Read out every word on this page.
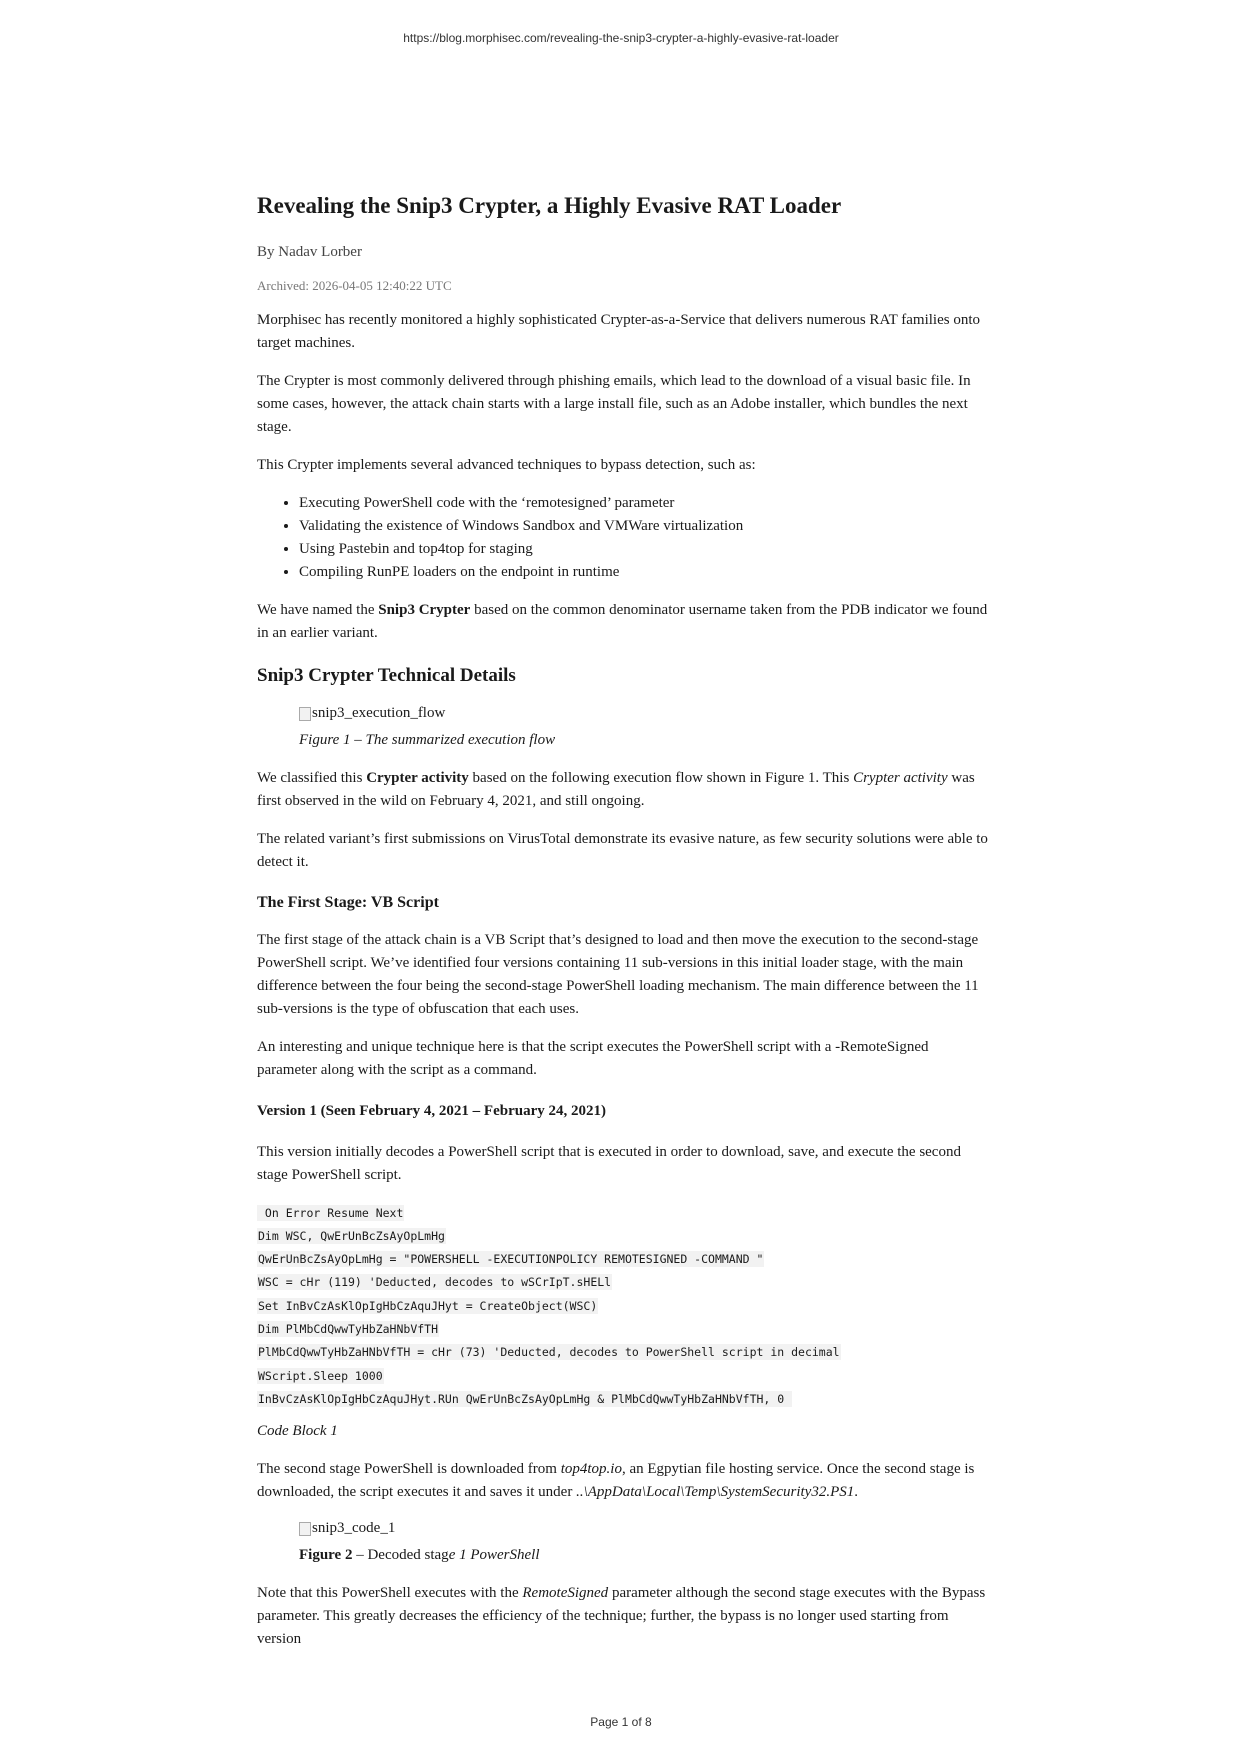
https://blog.morphisec.com/revealing-the-snip3-crypter-a-highly-evasive-rat-loader
Revealing the Snip3 Crypter, a Highly Evasive RAT Loader

By Nadav Lorber

Archived: 2026-04-05 12:40:22 UTC

Morphisec has recently monitored a highly sophisticated Crypter-as-a-Service that delivers numerous RAT families onto target machines.

The Crypter is most commonly delivered through phishing emails, which lead to the download of a visual basic file. In some cases, however, the attack chain starts with a large install file, such as an Adobe installer, which bundles the next stage.

This Crypter implements several advanced techniques to bypass detection, such as:

• Executing PowerShell code with the ‘remotesigned’ parameter
• Validating the existence of Windows Sandbox and VMWare virtualization
• Using Pastebin and top4top for staging
• Compiling RunPE loaders on the endpoint in runtime

We have named the Snip3 Crypter based on the common denominator username taken from the PDB indicator we found in an earlier variant.

Snip3 Crypter Technical Details
snip3_execution_flow
Figure 1 – The summarized execution flow

We classified this Crypter activity based on the following execution flow shown in Figure 1. This Crypter activity was first observed in the wild on February 4, 2021, and still ongoing.

The related variant’s first submissions on VirusTotal demonstrate its evasive nature, as few security solutions were able to detect it.

The First Stage: VB Script

The first stage of the attack chain is a VB Script that’s designed to load and then move the execution to the second-stage PowerShell script. We’ve identified four versions containing 11 sub-versions in this initial loader stage, with the main difference between the four being the second-stage PowerShell loading mechanism. The main difference between the 11 sub-versions is the type of obfuscation that each uses.

An interesting and unique technique here is that the script executes the PowerShell script with a -RemoteSigned parameter along with the script as a command.

Version 1 (Seen February 4, 2021 – February 24, 2021)

This version initially decodes a PowerShell script that is executed in order to download, save, and execute the second stage PowerShell script.

On Error Resume Next
Dim WSC, QwErUnBcZsAyOpLmHg
QwErUnBcZsAyOpLmHg = "POWERSHELL -EXECUTIONPOLICY REMOTESIGNED -COMMAND "
WSC = cHr (119) 'Deducted, decodes to wSCrIpT.sHELl
Set InBvCzAsKlOpIgHbCzAquJHyt = CreateObject(WSC)
Dim PlMbCdQwwTyHbZaHNbVfTH
PlMbCdQwwTyHbZaHNbVfTH = cHr (73) 'Deducted, decodes to PowerShell script in decimal
WScript.Sleep 1000
InBvCzAsKlOpIgHbCzAquJHyt.RUn QwErUnBcZsAyOpLmHg & PlMbCdQwwTyHbZaHNbVfTH, 0

Code Block 1

The second stage PowerShell is downloaded from top4top.io, an Egpytian file hosting service. Once the second stage is downloaded, the script executes it and saves it under ..\AppData\Local\Temp\SystemSecurity32.PS1.

snip3_code_1
Figure 2 – Decoded stage 1 PowerShell

Note that this PowerShell executes with the RemoteSigned parameter although the second stage executes with the Bypass parameter. This greatly decreases the efficiency of the technique; further, the bypass is no longer used starting from version

Page 1 of 8
